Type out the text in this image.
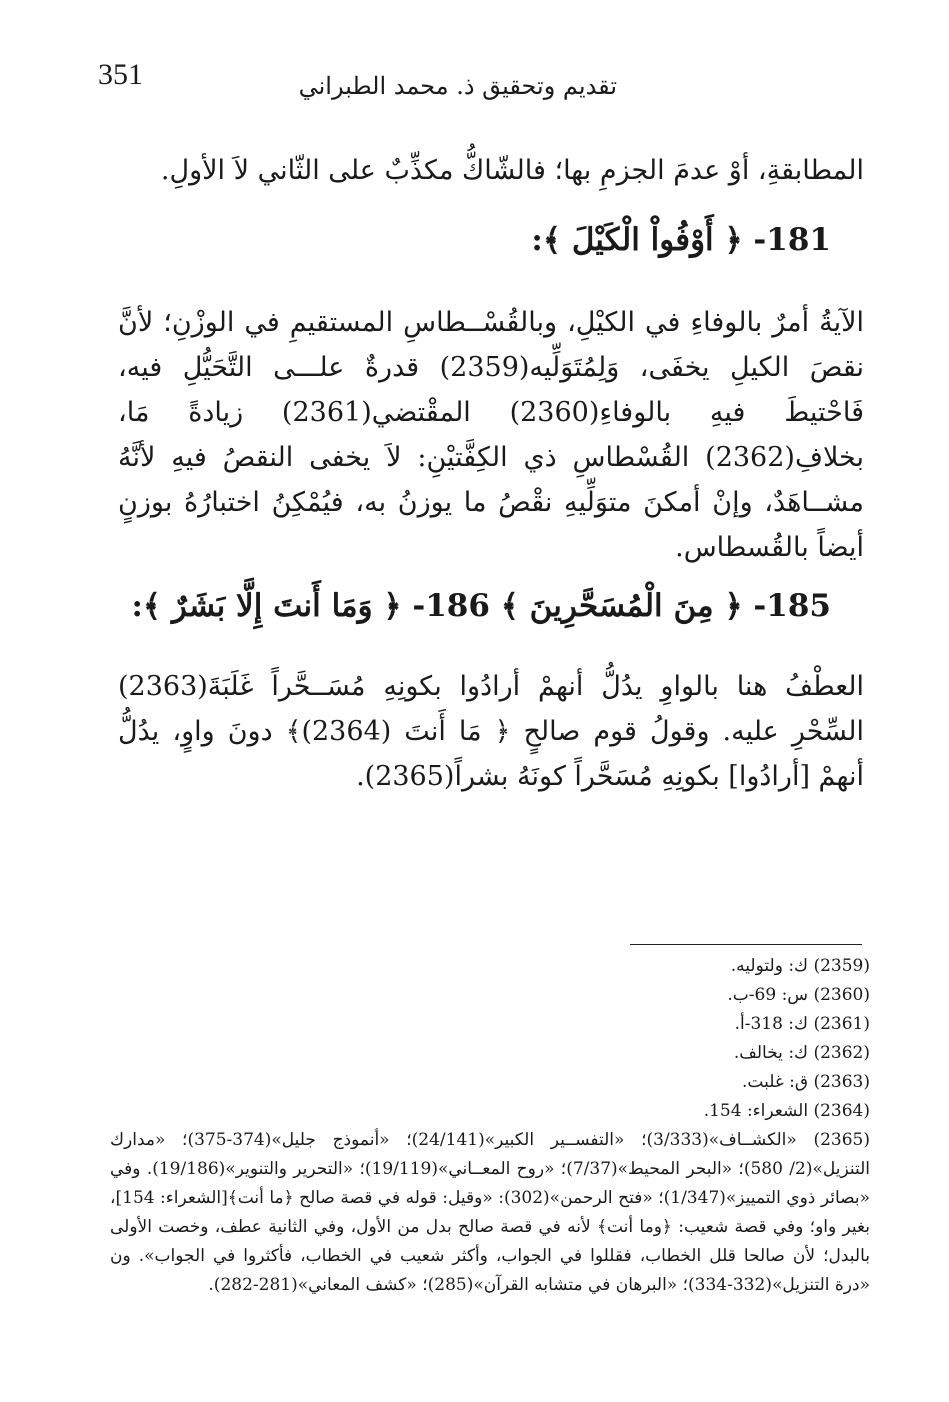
351	تقديم وتحقيق ذ. محمد الطبراني
المطابقةِ، أوْ عدمَ الجزمِ بها؛ فالشّاكُّ مكذِّبٌ على الثّاني لاَ الأولِ.
181- ﴿ أَوْفُواْ الْكَيْلَ ﴾:
الآيةُ أمرٌ بالوفاءِ في الكيْلِ، وبالقُسْــطاسِ المستقيمِ في الوزْنِ؛ لأنَّ نقصَ الكيلِ يخفَى، وَلِمُتَوَلِّيه(2359) قدرةٌ علـــى التَّحَيُّلِ فيه، فَاحْتيطَ فيهِ بالوفاءِ(2360) المقْتضي(2361) زيادةً مَا، بخلافِ(2362) القُسْطاسِ ذي الكِفَّتيْنِ: لاَ يخفى النقصُ فيهِ لأنَّهُ مشــاهَدٌ، وإنْ أمكنَ متوَلِّيهِ نقْصُ ما يوزنُ به، فيُمْكِنُ اختبارُهُ بوزنٍ أيضاً بالقُسطاس.
185- ﴿ مِنَ الْمُسَحَّرِينَ ﴾ 186- ﴿ وَمَا أَنتَ إِلَّا بَشَرٌ ﴾:
العطْفُ هنا بالواوِ يدُلُّ أنهمْ أرادُوا بكونِهِ مُسَــحَّراً غَلَبَةَ(2363) السِّحْرِ عليه. وقولُ قوم صالحٍ ﴿ مَا أَنتَ (2364)﴾ دونَ واوٍ، يدُلُّ أنهمْ [أرادُوا] بكونِهِ مُسَحَّراً كونَهُ بشراً(2365).

(2359) ك: ولتوليه.

(2360) س: 69-ب.

(2361) ك: 318-أ.

(2362) ك: يخالف.

(2363) ق: غلبت.

(2364) الشعراء: 154.

(2365) «الكشــاف»(3/333)؛ «التفســير الكبير»(24/141)؛ «أنموذج جليل»(374-375)؛ «مدارك التنزيل»(2/ 580)؛ «البحر المحيط»(7/37)؛ «روح المعــاني»(19/119)؛ «التحرير والتنوير»(19/186). وفي «بصائر ذوي التمييز»(1/347)؛ «فتح الرحمن»(302): «وقيل: قوله في قصة صالح ﴿ما أنت﴾[الشعراء: 154]، بغير واو؛ وفي قصة شعيب: ﴿وما أنت﴾ لأنه في قصة صالح بدل من الأول، وفي الثانية عطف، وخصت الأولى بالبدل؛ لأن صالحا قلل الخطاب، فقللوا في الجواب، وأكثر شعيب في الخطاب، فأكثروا في الجواب». ون «درة التنزيل»(332-334)؛ «البرهان في متشابه القرآن»(285)؛ «كشف المعاني»(281-282).
